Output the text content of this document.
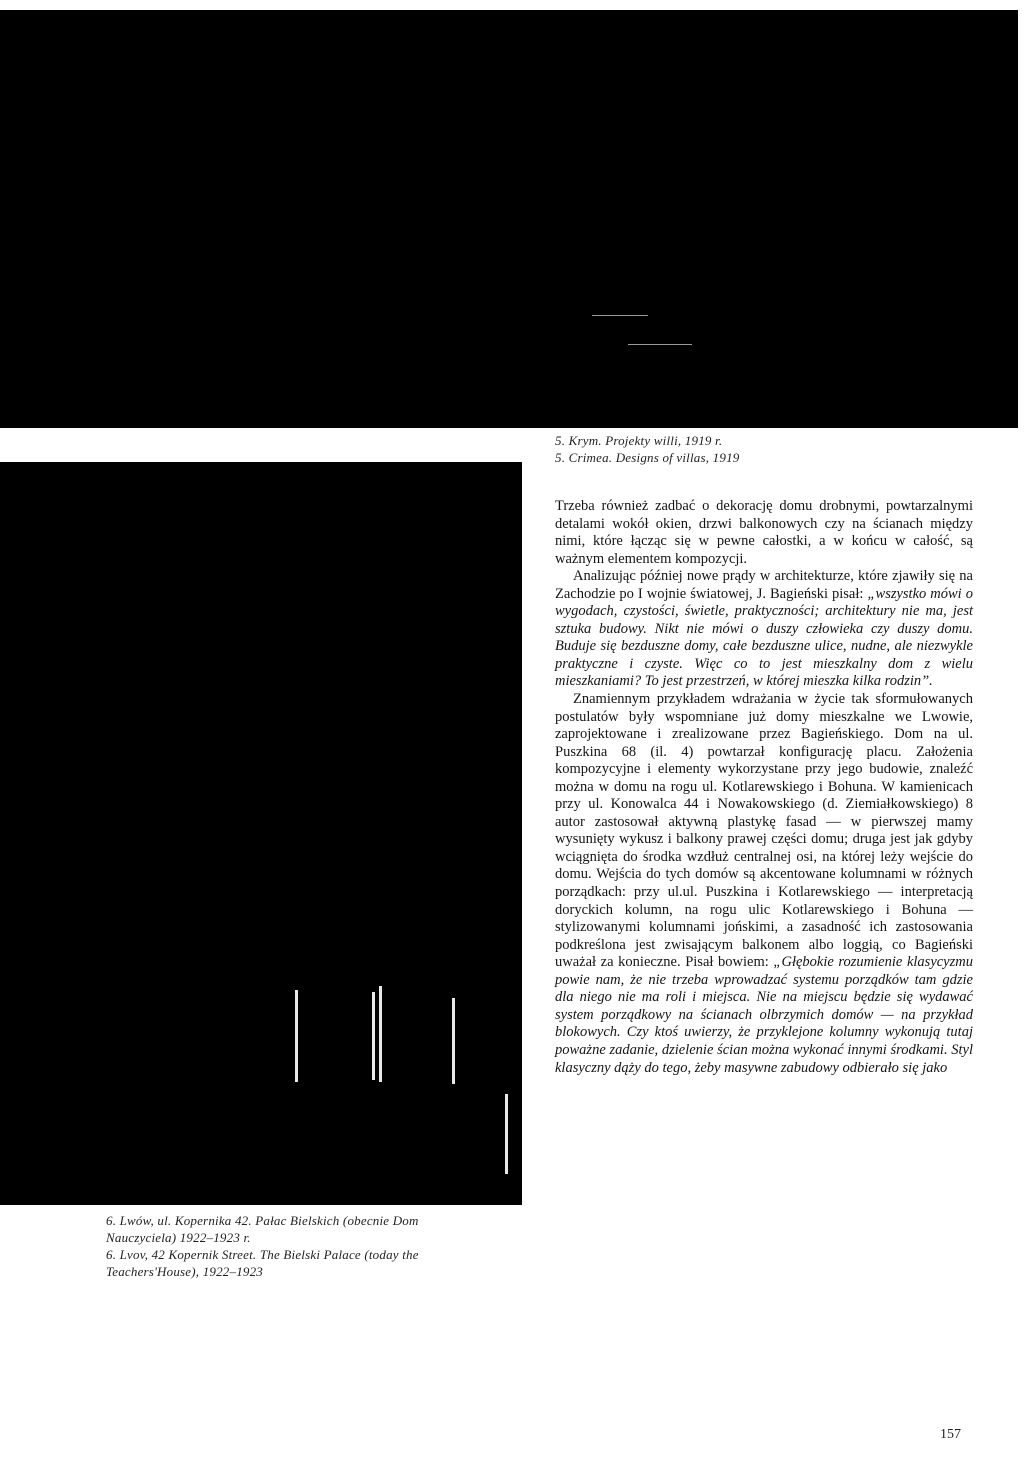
5. Krym. Projekty willi, 1919 r.
5. Crimea. Designs of villas, 1919
6. Lwów, ul. Kopernika 42. Pałac Bielskich (obecnie Dom
Nauczyciela) 1922–1923 r.
6. Lvov, 42 Kopernik Street. The Bielski Palace (today the
Teachers'House), 1922–1923

Trzeba również zadbać o dekorację domu drobnymi, powtarzalnymi detalami wokół okien, drzwi balkonowych czy na ścianach między nimi, które łącząc się w pewne całostki, a w końcu w całość, są ważnym elementem kompozycji.

Analizując później nowe prądy w architekturze, które zjawiły się na Zachodzie po I wojnie światowej, J. Bagieński pisał: „wszystko mówi o wygodach, czystości, świetle, praktyczności; architektury nie ma, jest sztuka budowy. Nikt nie mówi o duszy człowieka czy duszy domu. Buduje się bezduszne domy, całe bezduszne ulice, nudne, ale niezwykle praktyczne i czyste. Więc co to jest mieszkalny dom z wielu mieszkaniami? To jest przestrzeń, w której mieszka kilka rodzin”.

Znamiennym przykładem wdrażania w życie tak sformułowanych postulatów były wspomniane już domy mieszkalne we Lwowie, zaprojektowane i zrealizowane przez Bagieńskiego. Dom na ul. Puszkina 68 (il. 4) powtarzał konfigurację placu. Założenia kompozycyjne i elementy wykorzystane przy jego budowie, znaleźć można w domu na rogu ul. Kotlarewskiego i Bohuna. W kamienicach przy ul. Konowalca 44 i Nowakowskiego (d. Ziemiałkowskiego) 8 autor zastosował aktywną plastykę fasad — w pierwszej mamy wysunięty wykusz i balkony prawej części domu; druga jest jak gdyby wciągnięta do środka wzdłuż centralnej osi, na której leży wejście do domu. Wejścia do tych domów są akcentowane kolumnami w różnych porządkach: przy ul.ul. Puszkina i Kotlarewskiego — interpretacją doryckich kolumn, na rogu ulic Kotlarewskiego i Bohuna — stylizowanymi kolumnami jońskimi, a zasadność ich zastosowania podkreślona jest zwisającym balkonem albo loggią, co Bagieński uważał za konieczne. Pisał bowiem: „Głębokie rozumienie klasycyzmu powie nam, że nie trzeba wprowadzać systemu porządków tam gdzie dla niego nie ma roli i miejsca. Nie na miejscu będzie się wydawać system porządkowy na ścianach olbrzymich domów — na przykład blokowych. Czy ktoś uwierzy, że przyklejone kolumny wykonują tutaj poważne zadanie, dzielenie ścian można wykonać innymi środkami. Styl klasyczny dąży do tego, żeby masywne zabudowy odbierało się jako

157
